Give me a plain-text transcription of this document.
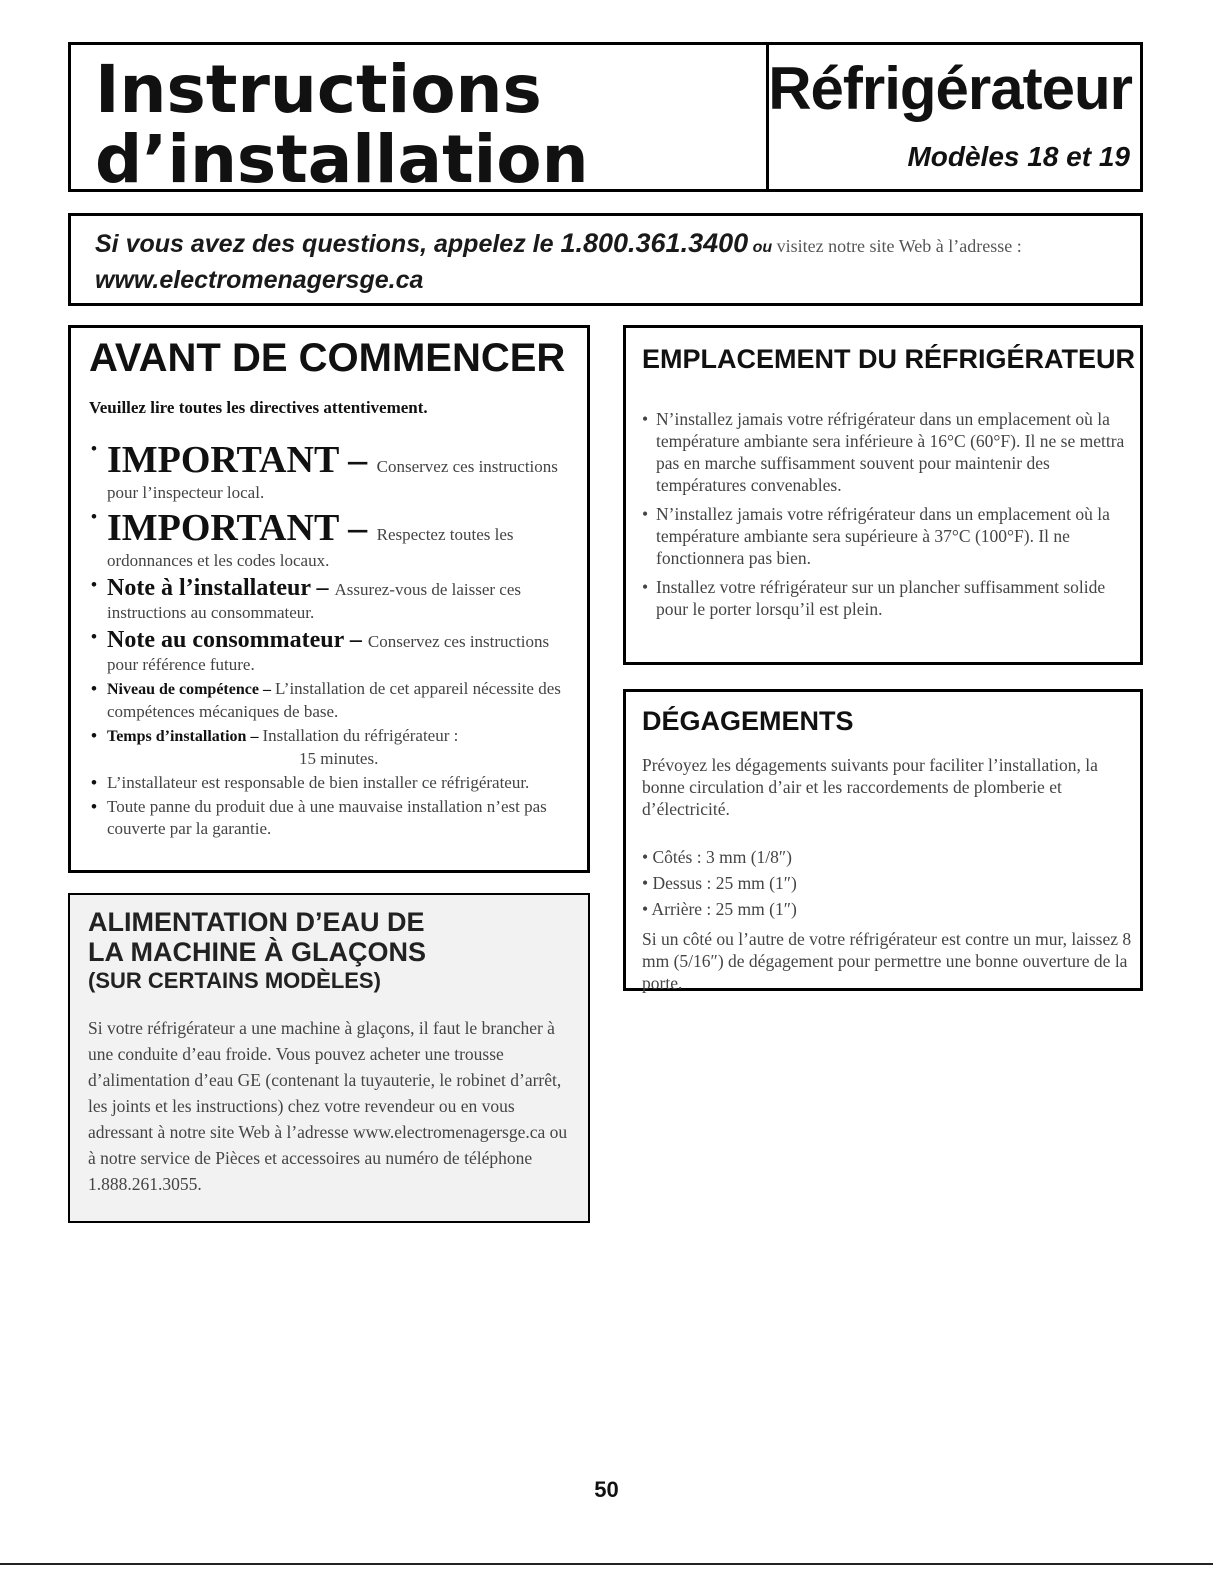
Instructions
d’installation
Réfrigérateur
Modèles 18 et 19
Si vous avez des questions, appelez le 1.800.361.3400 ou visitez notre site Web à l’adresse :
www.electromenagersge.ca
AVANT DE COMMENCER
Veuillez lire toutes les directives attentivement.
• IMPORTANT – Conservez ces instructions pour l’inspecteur local.
• IMPORTANT – Respectez toutes les ordonnances et les codes locaux.
• Note à l’installateur – Assurez-vous de laisser ces instructions au consommateur.
• Note au consommateur – Conservez ces instructions pour référence future.
• Niveau de compétence – L’installation de cet appareil nécessite des compétences mécaniques de base.
• Temps d’installation – Installation du réfrigérateur :
15 minutes.
• L’installateur est responsable de bien installer ce réfrigérateur.
• Toute panne du produit due à une mauvaise installation n’est pas couverte par la garantie.
ALIMENTATION D’EAU DE
LA MACHINE À GLAÇONS
(SUR CERTAINS MODÈLES)

Si votre réfrigérateur a une machine à glaçons, il faut le brancher à une conduite d’eau froide. Vous pouvez acheter une trousse d’alimentation d’eau GE (contenant la tuyauterie, le robinet d’arrêt, les joints et les instructions) chez votre revendeur ou en vous adressant à notre site Web à l’adresse www.electromenagersge.ca ou à notre service de Pièces et accessoires au numéro de téléphone 1.888.261.3055.

EMPLACEMENT DU RÉFRIGÉRATEUR
• N’installez jamais votre réfrigérateur dans un emplacement où la température ambiante sera inférieure à 16°C (60°F). Il ne se mettra pas en marche suffisamment souvent pour maintenir des températures convenables.
• N’installez jamais votre réfrigérateur dans un emplacement où la température ambiante sera supérieure à 37°C (100°F). Il ne fonctionnera pas bien.
• Installez votre réfrigérateur sur un plancher suffisamment solide pour le porter lorsqu’il est plein.
DÉGAGEMENTS

Prévoyez les dégagements suivants pour faciliter l’installation, la bonne circulation d’air et les raccordements de plomberie et d’électricité.

• Côtés : 3 mm (1/8″)
• Dessus : 25 mm (1″)
• Arrière : 25 mm (1″)

Si un côté ou l’autre de votre réfrigérateur est contre un mur, laissez 8 mm (5/16″) de dégagement pour permettre une bonne ouverture de la porte.

50
